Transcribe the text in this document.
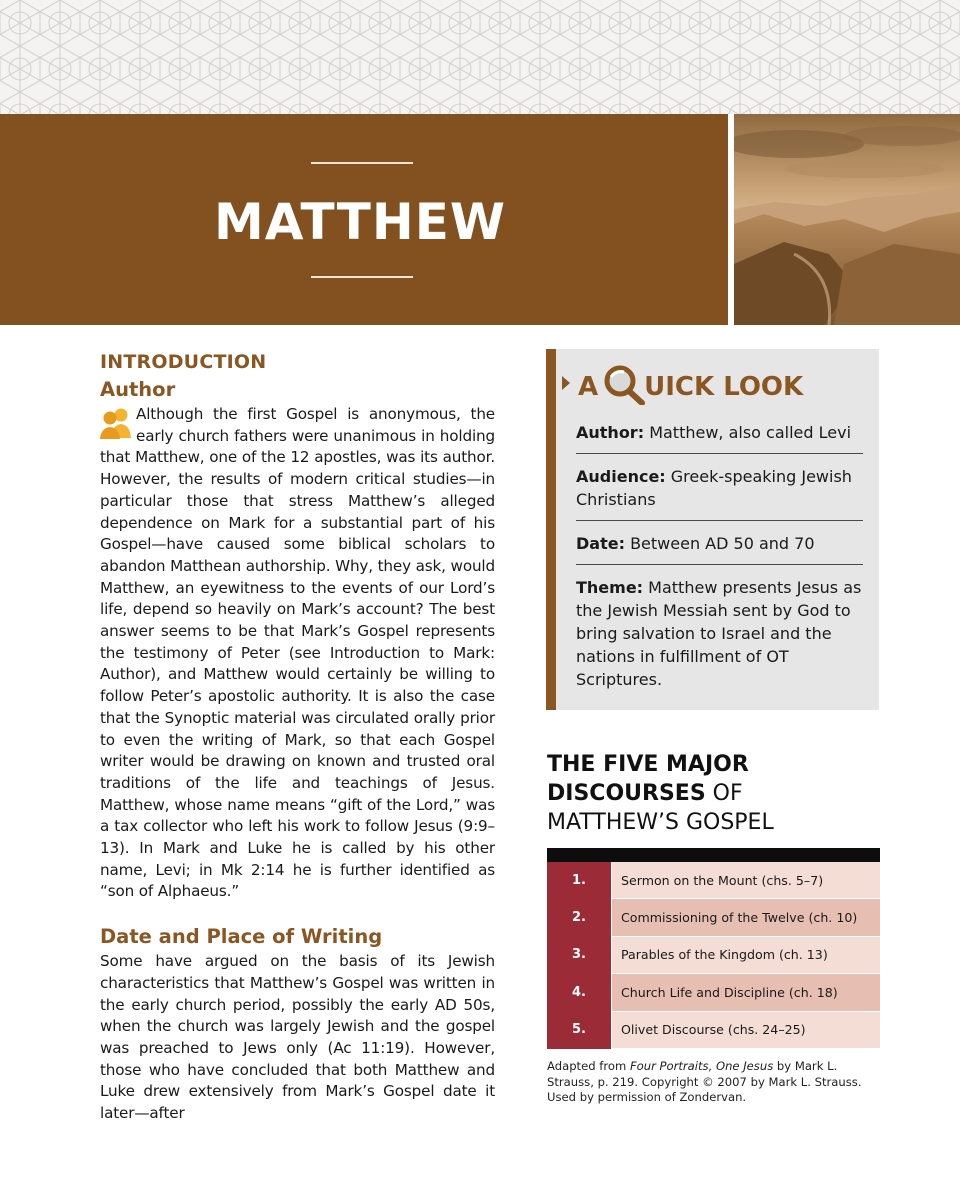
MATTHEW
INTRODUCTION
Author

Although the first Gospel is anonymous, the early church fathers were unanimous in holding that Matthew, one of the 12 apostles, was its author. However, the results of modern critical studies—in particular those that stress Matthew’s alleged dependence on Mark for a substantial part of his Gospel—have caused some biblical scholars to abandon Matthean authorship. Why, they ask, would Matthew, an eyewitness to the events of our Lord’s life, depend so heavily on Mark’s account? The best answer seems to be that Mark’s Gospel represents the testimony of Peter (see Introduction to Mark: Author), and Matthew would certainly be willing to follow Peter’s apostolic authority. It is also the case that the Synoptic material was circulated orally prior to even the writing of Mark, so that each Gospel writer would be drawing on known and trusted oral traditions of the life and teachings of Jesus. Matthew, whose name means “gift of the Lord,” was a tax collector who left his work to follow Jesus (9:9–13). In Mark and Luke he is called by his other name, Levi; in Mk 2:14 he is further identified as “son of Alphaeus.”

Date and Place of Writing

Some have argued on the basis of its Jewish characteristics that Matthew’s Gospel was written in the early church period, possibly the early AD 50s, when the church was largely Jewish and the gospel was preached to Jews only (Ac 11:19). However, those who have concluded that both Matthew and Luke drew extensively from Mark’s Gospel date it later—after

A UICK LOOK
Author: Matthew, also called Levi
Audience: Greek-speaking Jewish Christians
Date: Between AD 50 and 70
Theme: Matthew presents Jesus as the Jewish Messiah sent by God to bring salvation to Israel and the nations in fulfillment of OT Scriptures.
THE FIVE MAJOR
DISCOURSES OF
MATTHEW’S GOSPEL
1.	Sermon on the Mount (chs. 5–7)
2.	Commissioning of the Twelve (ch. 10)
3.	Parables of the Kingdom (ch. 13)
4.	Church Life and Discipline (ch. 18)
5.	Olivet Discourse (chs. 24–25)
Adapted from Four Portraits, One Jesus by Mark L. Strauss, p. 219. Copyright © 2007 by Mark L. Strauss. Used by permission of Zondervan.
